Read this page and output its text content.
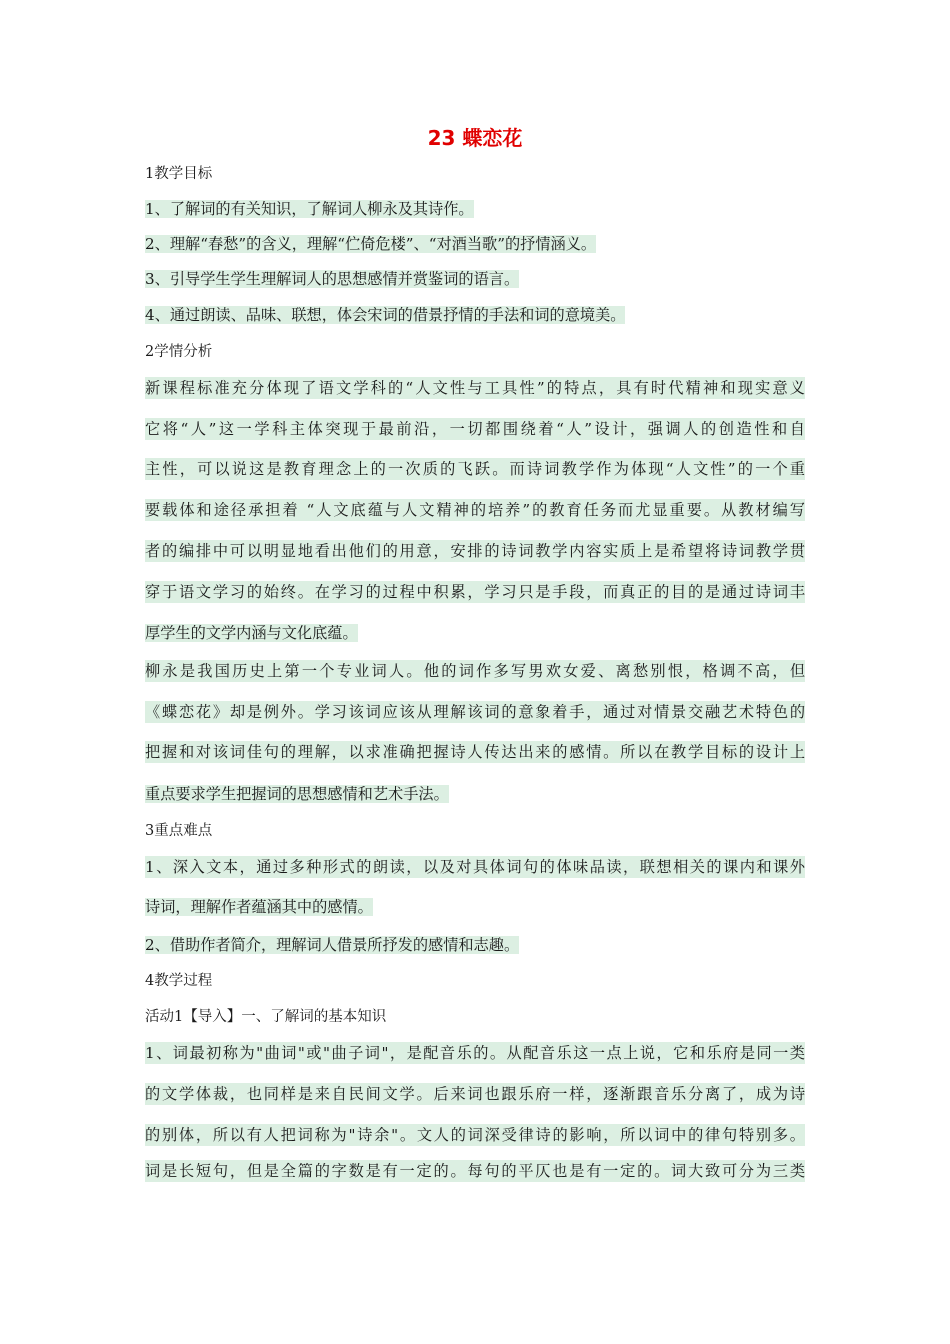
23 蝶恋花
1教学目标
1、了解词的有关知识，了解词人柳永及其诗作。
2、理解“春愁”的含义，理解“伫倚危楼”、“对酒当歌”的抒情涵义。
3、引导学生学生理解词人的思想感情并赏鉴词的语言。
4、通过朗读、品味、联想，体会宋词的借景抒情的手法和词的意境美。
2学情分析
新课程标准充分体现了语文学科的“人文性与工具性”的特点，具有时代精神和现实意义
它将“人”这一学科主体突现于最前沿，一切都围绕着“人”设计，强调人的创造性和自
主性，可以说这是教育理念上的一次质的飞跃。而诗词教学作为体现“人文性”的一个重
要载体和途径承担着 “人文底蕴与人文精神的培养”的教育任务而尤显重要。从教材编写
者的编排中可以明显地看出他们的用意，安排的诗词教学内容实质上是希望将诗词教学贯
穿于语文学习的始终。在学习的过程中积累，学习只是手段，而真正的目的是通过诗词丰
厚学生的文学内涵与文化底蕴。
柳永是我国历史上第一个专业词人。他的词作多写男欢女爱、离愁别恨，格调不高，但
《蝶恋花》却是例外。学习该词应该从理解该词的意象着手，通过对情景交融艺术特色的
把握和对该词佳句的理解，以求准确把握诗人传达出来的感情。所以在教学目标的设计上
重点要求学生把握词的思想感情和艺术手法。
3重点难点
1、深入文本，通过多种形式的朗读，以及对具体词句的体味品读，联想相关的课内和课外
诗词，理解作者蕴涵其中的感情。
2、借助作者简介，理解词人借景所抒发的感情和志趣。
4教学过程
活动1【导入】一、了解词的基本知识
1、词最初称为"曲词"或"曲子词"，是配音乐的。从配音乐这一点上说，它和乐府是同一类
的文学体裁，也同样是来自民间文学。后来词也跟乐府一样，逐渐跟音乐分离了，成为诗
的别体，所以有人把词称为"诗余"。文人的词深受律诗的影响，所以词中的律句特别多。
词是长短句，但是全篇的字数是有一定的。每句的平仄也是有一定的。词大致可分为三类
